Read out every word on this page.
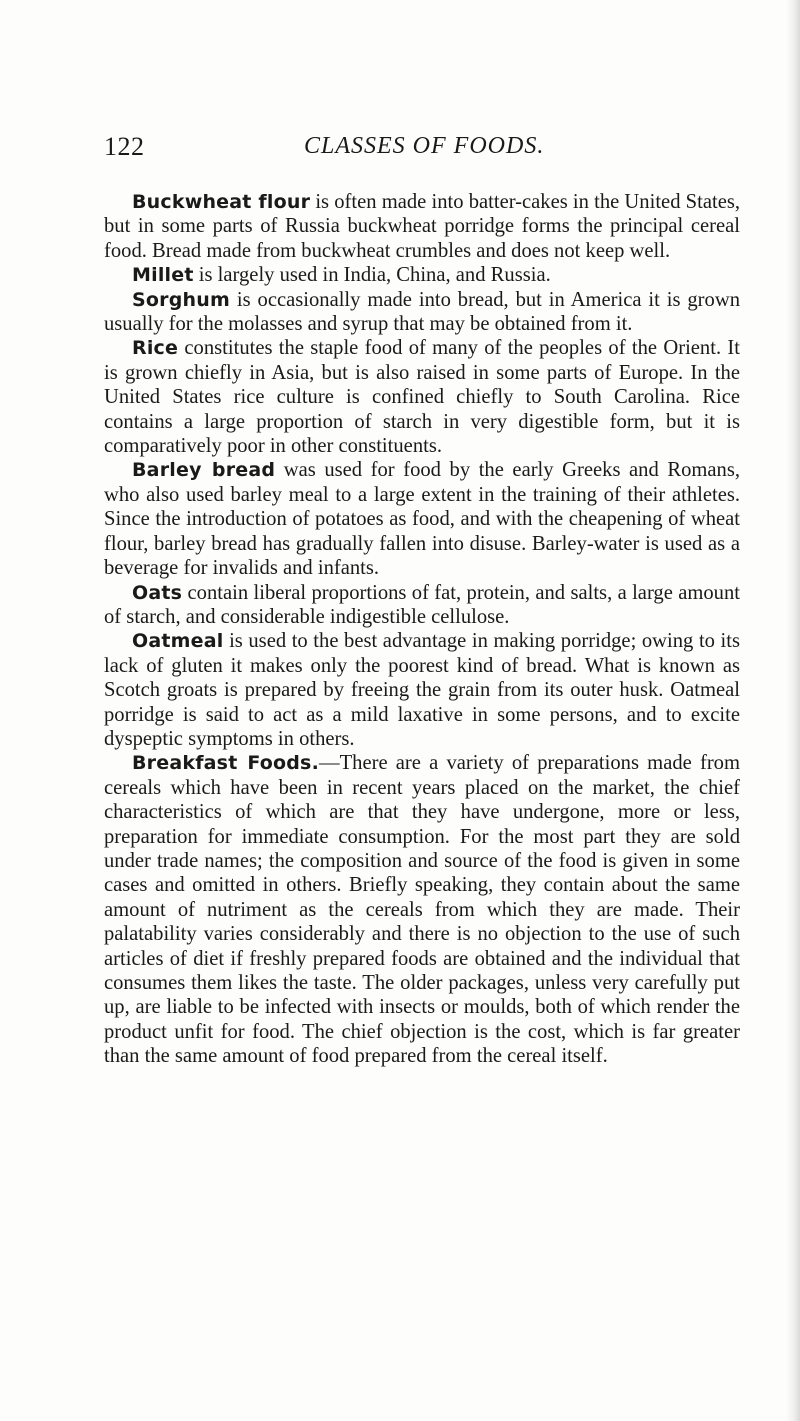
122	CLASSES OF FOODS.

Buckwheat flour is often made into batter-cakes in the United States, but in some parts of Russia buckwheat porridge forms the principal cereal food. Bread made from buckwheat crumbles and does not keep well.

Millet is largely used in India, China, and Russia.

Sorghum is occasionally made into bread, but in America it is grown usually for the molasses and syrup that may be obtained from it.

Rice constitutes the staple food of many of the peoples of the Orient. It is grown chiefly in Asia, but is also raised in some parts of Europe. In the United States rice culture is confined chiefly to South Carolina. Rice contains a large proportion of starch in very digestible form, but it is comparatively poor in other constituents.

Barley bread was used for food by the early Greeks and Romans, who also used barley meal to a large extent in the training of their athletes. Since the introduction of potatoes as food, and with the cheapening of wheat flour, barley bread has gradually fallen into disuse. Barley-water is used as a beverage for invalids and infants.

Oats contain liberal proportions of fat, protein, and salts, a large amount of starch, and considerable indigestible cellulose.

Oatmeal is used to the best advantage in making porridge; owing to its lack of gluten it makes only the poorest kind of bread. What is known as Scotch groats is prepared by freeing the grain from its outer husk. Oatmeal porridge is said to act as a mild laxative in some persons, and to excite dyspeptic symptoms in others.

Breakfast Foods.—There are a variety of preparations made from cereals which have been in recent years placed on the market, the chief characteristics of which are that they have undergone, more or less, preparation for immediate consumption. For the most part they are sold under trade names; the composition and source of the food is given in some cases and omitted in others. Briefly speaking, they contain about the same amount of nutriment as the cereals from which they are made. Their palatability varies considerably and there is no objection to the use of such articles of diet if freshly prepared foods are obtained and the individual that consumes them likes the taste. The older packages, unless very carefully put up, are liable to be infected with insects or moulds, both of which render the product unfit for food. The chief objection is the cost, which is far greater than the same amount of food prepared from the cereal itself.
